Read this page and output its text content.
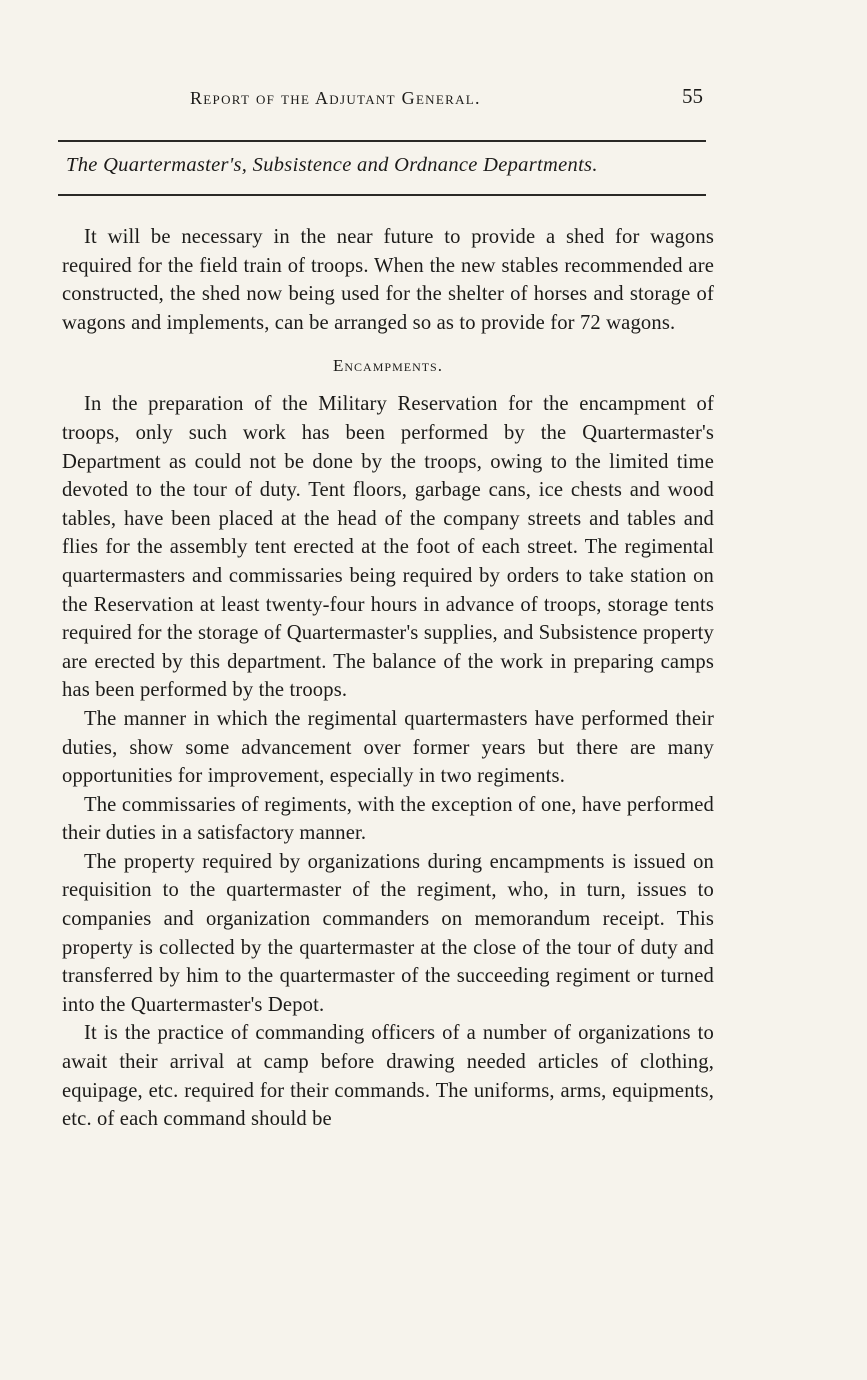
Report of the Adjutant General.	55
The Quartermaster's, Subsistence and Ordnance Departments.

It will be necessary in the near future to provide a shed for wagons required for the field train of troops. When the new stables recommended are constructed, the shed now being used for the shelter of horses and storage of wagons and implements, can be arranged so as to provide for 72 wagons.

Encampments.

In the preparation of the Military Reservation for the encampment of troops, only such work has been performed by the Quartermaster's Department as could not be done by the troops, owing to the limited time devoted to the tour of duty. Tent floors, garbage cans, ice chests and wood tables, have been placed at the head of the company streets and tables and flies for the assembly tent erected at the foot of each street. The regimental quartermasters and commissaries being required by orders to take station on the Reservation at least twenty-four hours in advance of troops, storage tents required for the storage of Quartermaster's supplies, and Subsistence property are erected by this department. The balance of the work in preparing camps has been performed by the troops.

The manner in which the regimental quartermasters have performed their duties, show some advancement over former years but there are many opportunities for improvement, especially in two regiments.

The commissaries of regiments, with the exception of one, have performed their duties in a satisfactory manner.

The property required by organizations during encampments is issued on requisition to the quartermaster of the regiment, who, in turn, issues to companies and organization commanders on memorandum receipt. This property is collected by the quartermaster at the close of the tour of duty and transferred by him to the quartermaster of the succeeding regiment or turned into the Quartermaster's Depot.

It is the practice of commanding officers of a number of organizations to await their arrival at camp before drawing needed articles of clothing, equipage, etc. required for their commands. The uniforms, arms, equipments, etc. of each command should be
